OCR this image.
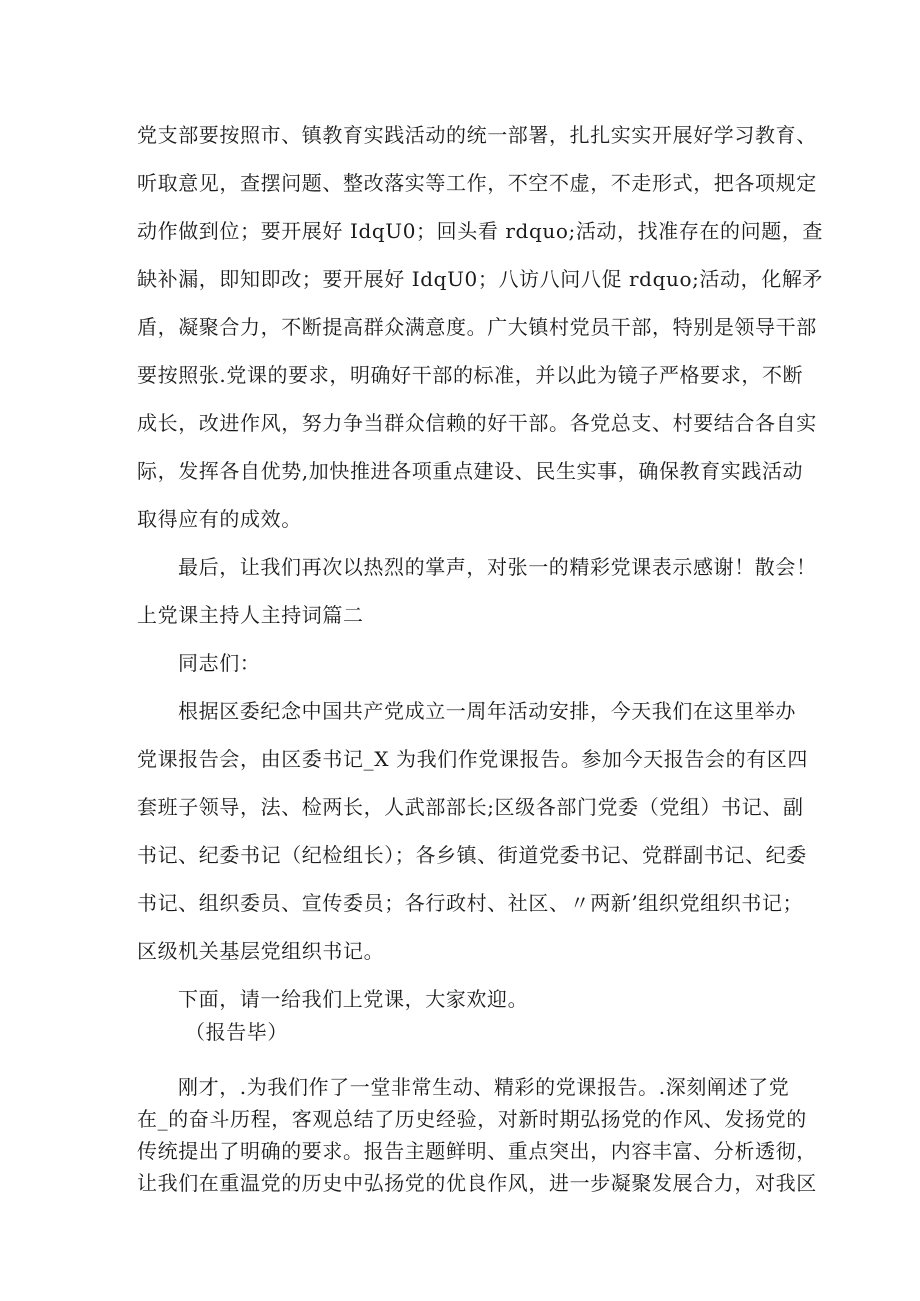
党支部要按照市、镇教育实践活动的统一部署，扎扎实实开展好学习教育、
听取意见，查摆问题、整改落实等工作，不空不虚，不走形式，把各项规定
动作做到位；要开展好 IdqU0；回头看 rdquo;活动，找准存在的问题，查
缺补漏，即知即改；要开展好 IdqU0；八访八问八促 rdquo;活动，化解矛
盾，凝聚合力，不断提高群众满意度。广大镇村党员干部，特别是领导干部
要按照张.党课的要求，明确好干部的标准，并以此为镜子严格要求，不断
成长，改进作风，努力争当群众信赖的好干部。各党总支、村要结合各自实
际，发挥各自优势,加快推进各项重点建设、民生实事，确保教育实践活动
取得应有的成效。
最后，让我们再次以热烈的掌声，对张一的精彩党课表示感谢！散会！
上党课主持人主持词篇二
同志们：
根据区委纪念中国共产党成立一周年活动安排，今天我们在这里举办
党课报告会，由区委书记_X 为我们作党课报告。参加今天报告会的有区四
套班子领导，法、检两长，人武部部长;区级各部门党委（党组）书记、副
书记、纪委书记（纪检组长）；各乡镇、街道党委书记、党群副书记、纪委
书记、组织委员、宣传委员；各行政村、社区、〃两新’组织党组织书记；
区级机关基层党组织书记。
下面，请一给我们上党课，大家欢迎。
（报告毕）
刚才，.为我们作了一堂非常生动、精彩的党课报告。.深刻阐述了党
在_的奋斗历程，客观总结了历史经验，对新时期弘扬党的作风、发扬党的
传统提出了明确的要求。报告主题鲜明、重点突出，内容丰富、分析透彻，
让我们在重温党的历史中弘扬党的优良作风，进一步凝聚发展合力，对我区
